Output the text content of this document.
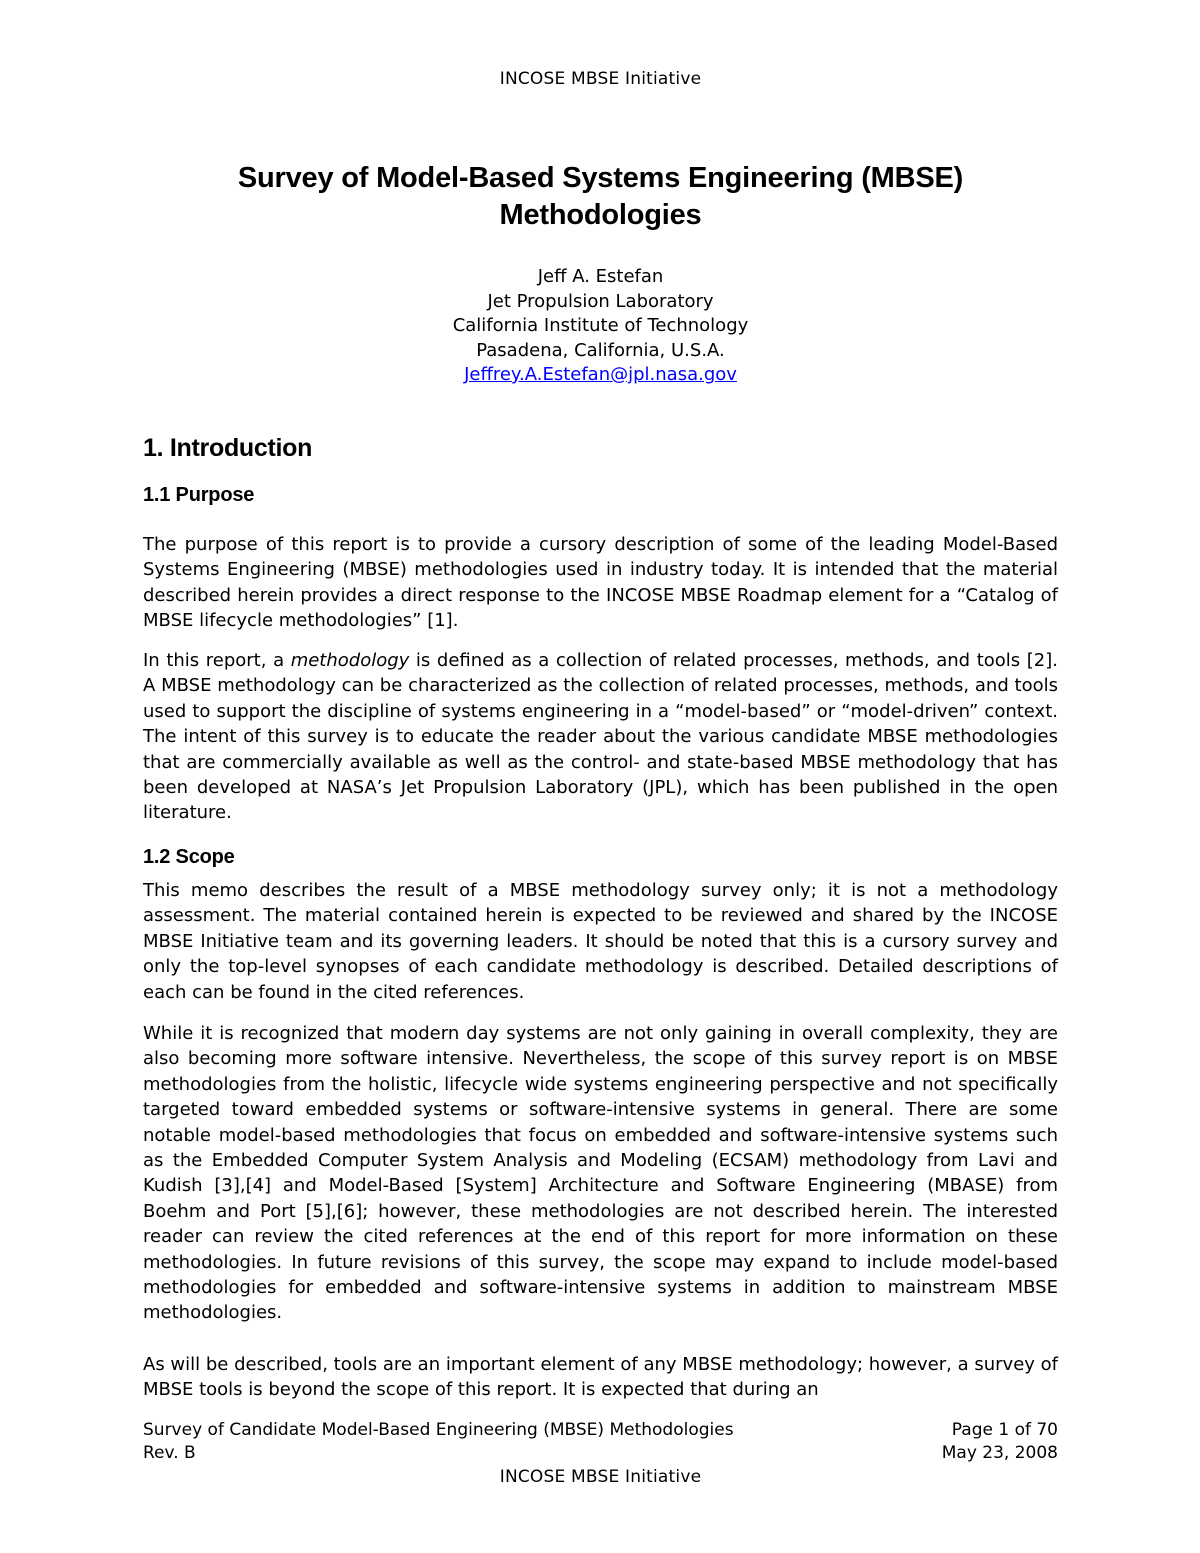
INCOSE MBSE Initiative
Survey of Model-Based Systems Engineering (MBSE) Methodologies
Jeff A. Estefan
Jet Propulsion Laboratory
California Institute of Technology
Pasadena, California, U.S.A.
Jeffrey.A.Estefan@jpl.nasa.gov
1. Introduction
1.1 Purpose

The purpose of this report is to provide a cursory description of some of the leading Model-Based Systems Engineering (MBSE) methodologies used in industry today. It is intended that the material described herein provides a direct response to the INCOSE MBSE Roadmap element for a “Catalog of MBSE lifecycle methodologies” [1].

In this report, a methodology is defined as a collection of related processes, methods, and tools [2]. A MBSE methodology can be characterized as the collection of related processes, methods, and tools used to support the discipline of systems engineering in a “model-based” or “model-driven” context. The intent of this survey is to educate the reader about the various candidate MBSE methodologies that are commercially available as well as the control- and state-based MBSE methodology that has been developed at NASA’s Jet Propulsion Laboratory (JPL), which has been published in the open literature.

1.2 Scope

This memo describes the result of a MBSE methodology survey only; it is not a methodology assessment. The material contained herein is expected to be reviewed and shared by the INCOSE MBSE Initiative team and its governing leaders. It should be noted that this is a cursory survey and only the top-level synopses of each candidate methodology is described. Detailed descriptions of each can be found in the cited references.

While it is recognized that modern day systems are not only gaining in overall complexity, they are also becoming more software intensive. Nevertheless, the scope of this survey report is on MBSE methodologies from the holistic, lifecycle wide systems engineering perspective and not specifically targeted toward embedded systems or software-intensive systems in general. There are some notable model-based methodologies that focus on embedded and software-intensive systems such as the Embedded Computer System Analysis and Modeling (ECSAM) methodology from Lavi and Kudish [3],[4] and Model-Based [System] Architecture and Software Engineering (MBASE) from Boehm and Port [5],[6]; however, these methodologies are not described herein. The interested reader can review the cited references at the end of this report for more information on these methodologies. In future revisions of this survey, the scope may expand to include model-based methodologies for embedded and software-intensive systems in addition to mainstream MBSE methodologies.

As will be described, tools are an important element of any MBSE methodology; however, a survey of MBSE tools is beyond the scope of this report. It is expected that during an

Survey of Candidate Model-Based Engineering (MBSE) Methodologies	Page 1 of 70
Rev. B	May 23, 2008
INCOSE MBSE Initiative
